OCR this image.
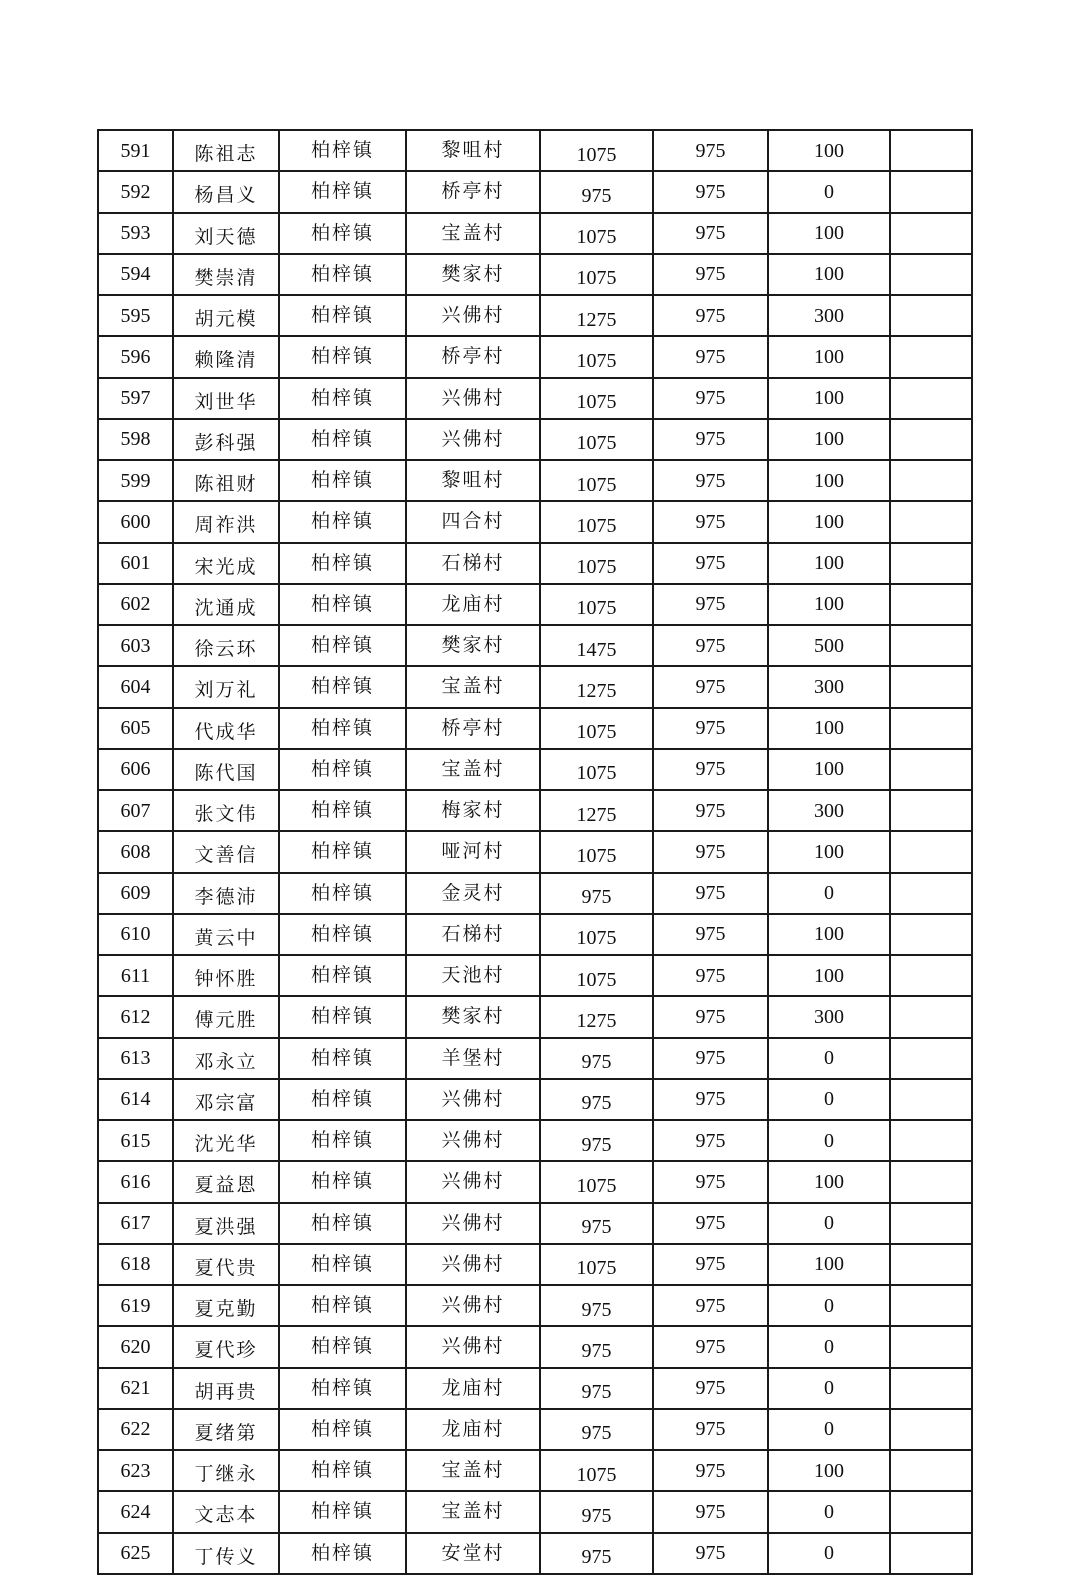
591	陈祖志	柏梓镇	黎咀村	1075	975	100	
592	杨昌义	柏梓镇	桥亭村	975	975	0	
593	刘天德	柏梓镇	宝盖村	1075	975	100	
594	樊崇清	柏梓镇	樊家村	1075	975	100	
595	胡元模	柏梓镇	兴佛村	1275	975	300	
596	赖隆清	柏梓镇	桥亭村	1075	975	100	
597	刘世华	柏梓镇	兴佛村	1075	975	100	
598	彭科强	柏梓镇	兴佛村	1075	975	100	
599	陈祖财	柏梓镇	黎咀村	1075	975	100	
600	周祚洪	柏梓镇	四合村	1075	975	100	
601	宋光成	柏梓镇	石梯村	1075	975	100	
602	沈通成	柏梓镇	龙庙村	1075	975	100	
603	徐云环	柏梓镇	樊家村	1475	975	500	
604	刘万礼	柏梓镇	宝盖村	1275	975	300	
605	代成华	柏梓镇	桥亭村	1075	975	100	
606	陈代国	柏梓镇	宝盖村	1075	975	100	
607	张文伟	柏梓镇	梅家村	1275	975	300	
608	文善信	柏梓镇	哑河村	1075	975	100	
609	李德沛	柏梓镇	金灵村	975	975	0	
610	黄云中	柏梓镇	石梯村	1075	975	100	
611	钟怀胜	柏梓镇	天池村	1075	975	100	
612	傅元胜	柏梓镇	樊家村	1275	975	300	
613	邓永立	柏梓镇	羊堡村	975	975	0	
614	邓宗富	柏梓镇	兴佛村	975	975	0	
615	沈光华	柏梓镇	兴佛村	975	975	0	
616	夏益恩	柏梓镇	兴佛村	1075	975	100	
617	夏洪强	柏梓镇	兴佛村	975	975	0	
618	夏代贵	柏梓镇	兴佛村	1075	975	100	
619	夏克勤	柏梓镇	兴佛村	975	975	0	
620	夏代珍	柏梓镇	兴佛村	975	975	0	
621	胡再贵	柏梓镇	龙庙村	975	975	0	
622	夏绪第	柏梓镇	龙庙村	975	975	0	
623	丁继永	柏梓镇	宝盖村	1075	975	100	
624	文志本	柏梓镇	宝盖村	975	975	0	
625	丁传义	柏梓镇	安堂村	975	975	0	
